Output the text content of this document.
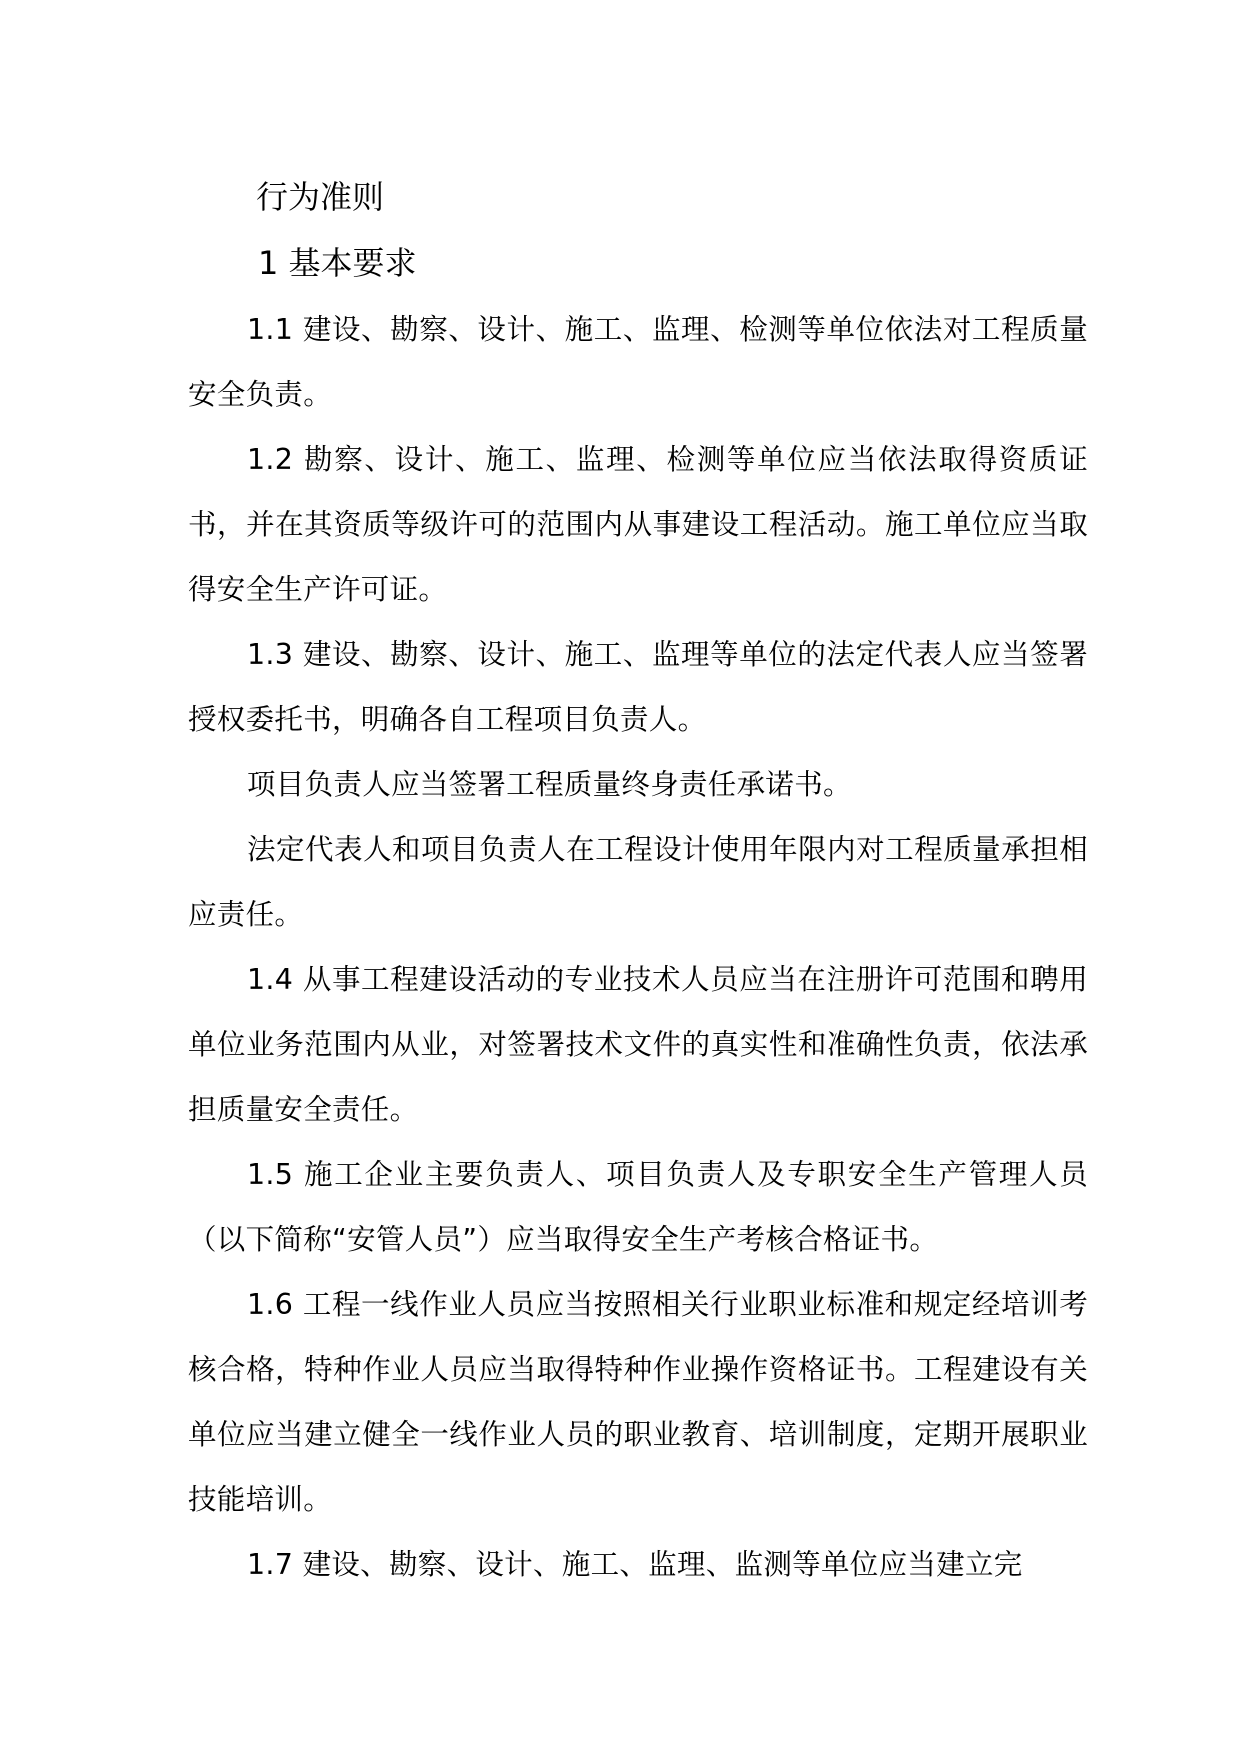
行为准则

1 基本要求

1.1 建设、勘察、设计、施工、监理、检测等单位依法对工程质量安全负责。

1.2 勘察、设计、施工、监理、检测等单位应当依法取得资质证书，并在其资质等级许可的范围内从事建设工程活动。施工单位应当取得安全生产许可证。

1.3 建设、勘察、设计、施工、监理等单位的法定代表人应当签署授权委托书，明确各自工程项目负责人。

项目负责人应当签署工程质量终身责任承诺书。

法定代表人和项目负责人在工程设计使用年限内对工程质量承担相应责任。

1.4 从事工程建设活动的专业技术人员应当在注册许可范围和聘用单位业务范围内从业，对签署技术文件的真实性和准确性负责，依法承担质量安全责任。

1.5 施工企业主要负责人、项目负责人及专职安全生产管理人员（以下简称“安管人员”）应当取得安全生产考核合格证书。

1.6 工程一线作业人员应当按照相关行业职业标准和规定经培训考核合格，特种作业人员应当取得特种作业操作资格证书。工程建设有关单位应当建立健全一线作业人员的职业教育、培训制度，定期开展职业技能培训。

1.7 建设、勘察、设计、施工、监理、监测等单位应当建立完
